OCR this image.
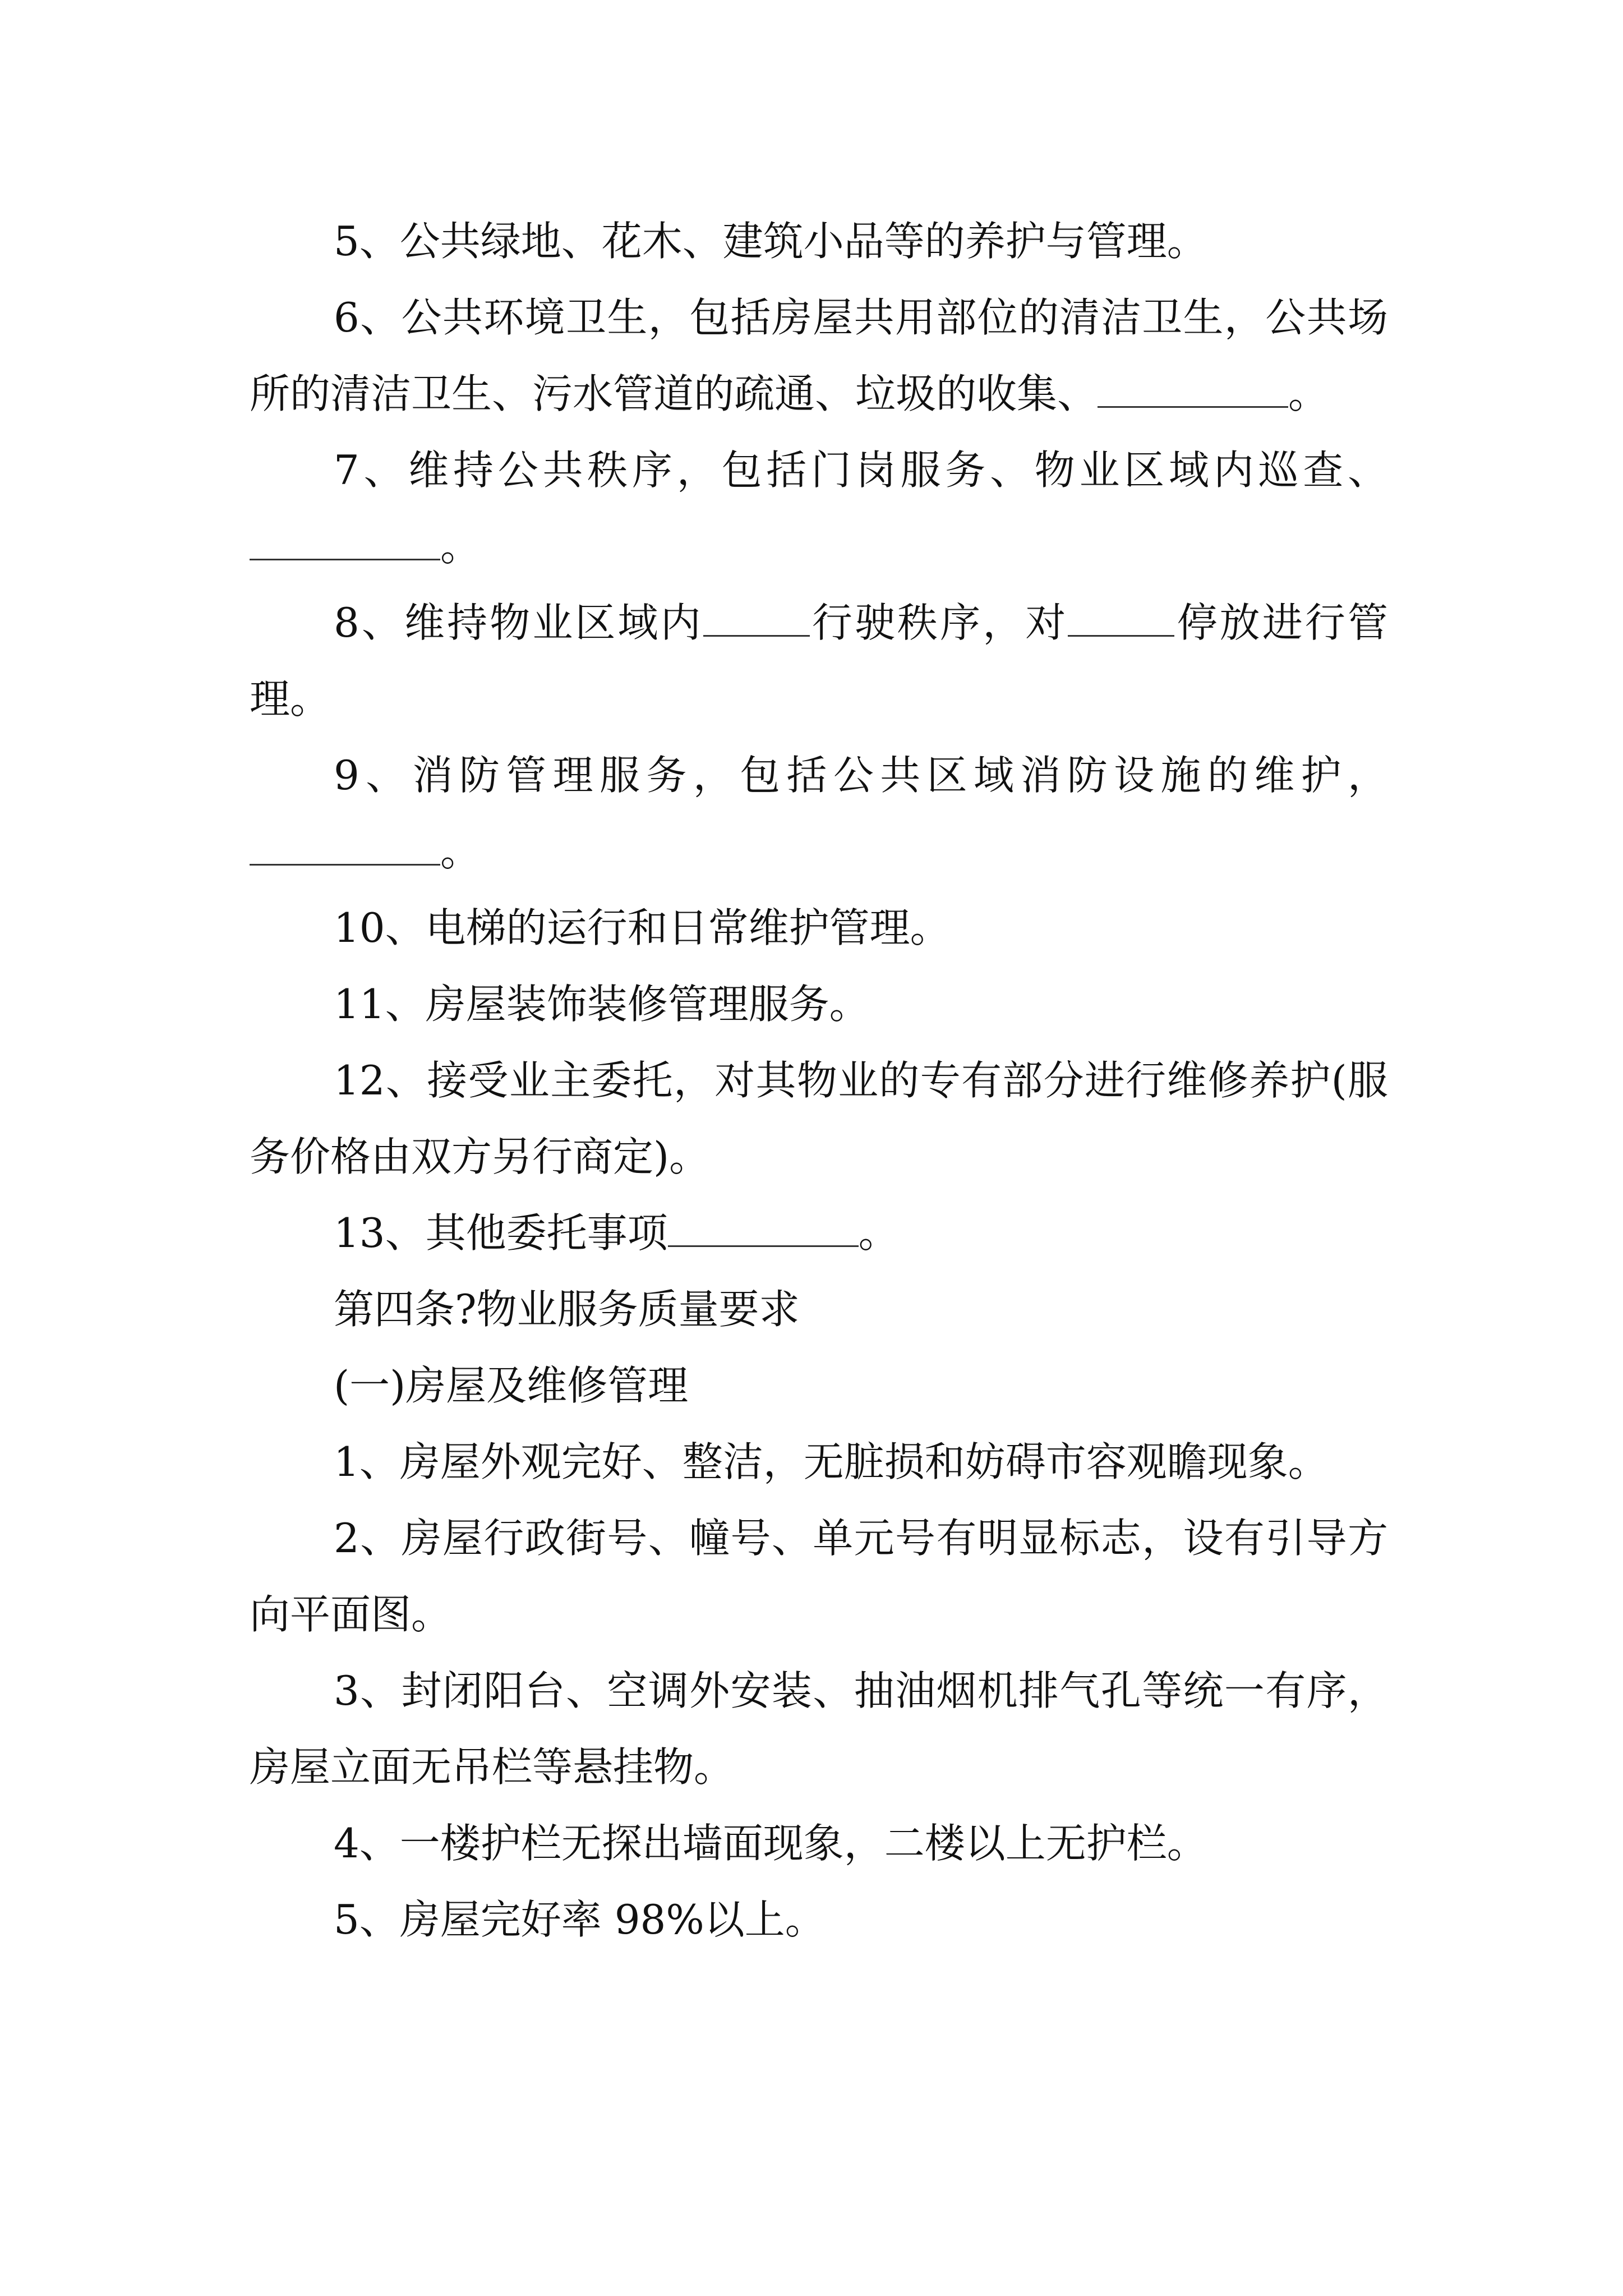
5、公共绿地、花木、建筑小品等的养护与管理。

6、公共环境卫生，包括房屋共用部位的清洁卫生，公共场所的清洁卫生、污水管道的疏通、垃圾的收集、	。

7、维持公共秩序，包括门岗服务、物业区域内巡查、。

8、维持物业区域内	行驶秩序，对	停放进行管理。

9、消防管理服务，包括公共区域消防设施的维护，。

10、电梯的运行和日常维护管理。

11、房屋装饰装修管理服务。

12、接受业主委托，对其物业的专有部分进行维修养护(服务价格由双方另行商定)。

13、其他委托事项	。

第四条?物业服务质量要求

(一)房屋及维修管理

1、房屋外观完好、整洁，无脏损和妨碍市容观瞻现象。

2、房屋行政街号、幢号、单元号有明显标志，设有引导方向平面图。

3、封闭阳台、空调外安装、抽油烟机排气孔等统一有序，房屋立面无吊栏等悬挂物。

4、一楼护栏无探出墙面现象，二楼以上无护栏。

5、房屋完好率 98%以上。
